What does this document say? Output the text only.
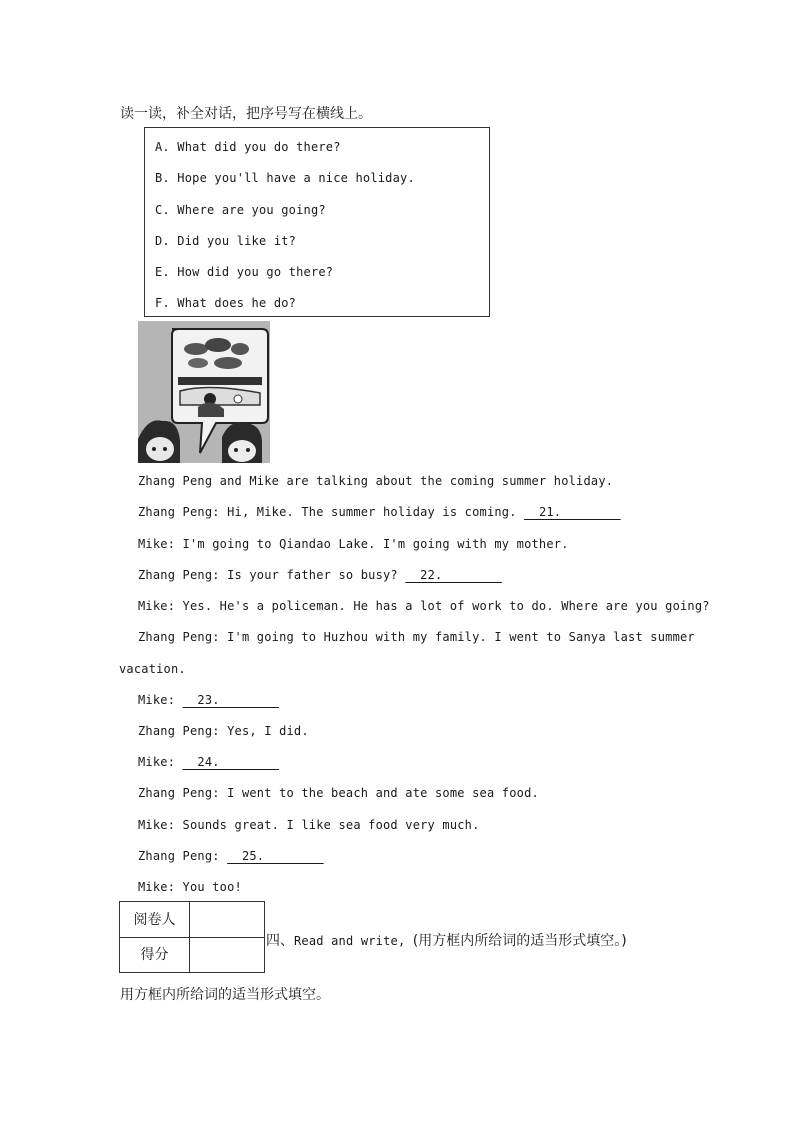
读一读，补全对话，把序号写在横线上。
A. What did you do there?
B. Hope you'll have a nice holiday.
C. Where are you going?
D. Did you like it?
E. How did you go there?
F. What does he do?
Zhang Peng and Mike are talking about the coming summer holiday.
Zhang Peng: Hi, Mike. The summer holiday is coming.   21.
Mike: I'm going to Qiandao Lake. I'm going with my mother.
Zhang Peng: Is your father so busy?   22.
Mike: Yes. He's a policeman. He has a lot of work to do. Where are you going?
Zhang Peng: I'm going to Huzhou with my family. I went to Sanya last summer
vacation.
Mike:   23.
Zhang Peng: Yes, I did.
Mike:   24.
Zhang Peng: I went to the beach and ate some sea food.
Mike: Sounds great. I like sea food very much.
Zhang Peng:   25.
Mike: You too!
阅卷人
得分
四、Read and write, (用方框内所给词的适当形式填空。)
用方框内所给词的适当形式填空。
